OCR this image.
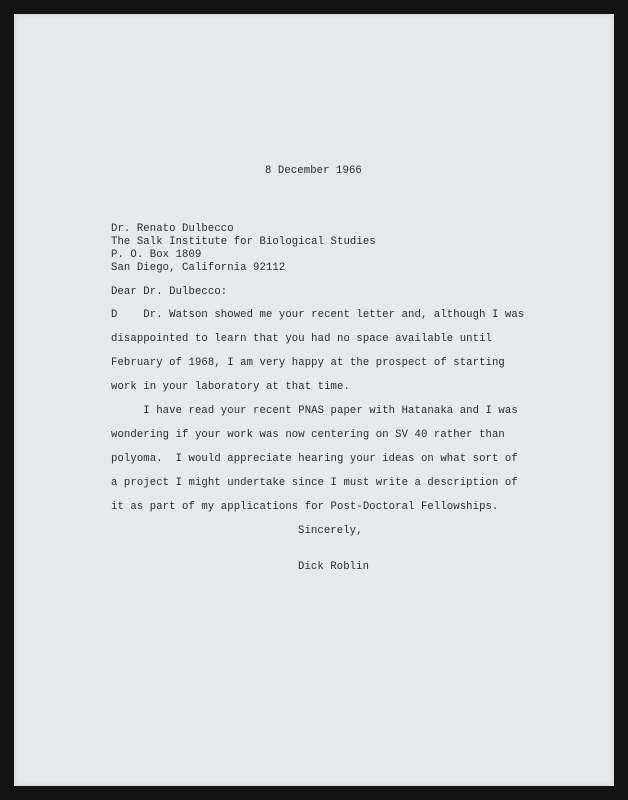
8 December 1966
Dr. Renato Dulbecco
The Salk Institute for Biological Studies
P. O. Box 1809
San Diego, California 92112
Dear Dr. Dulbecco:
D    Dr. Watson showed me your recent letter and, although I was
disappointed to learn that you had no space available until
February of 1968, I am very happy at the prospect of starting
work in your laboratory at that time.
I have read your recent PNAS paper with Hatanaka and I was
wondering if your work was now centering on SV 40 rather than
polyoma.  I would appreciate hearing your ideas on what sort of
a project I might undertake since I must write a description of
it as part of my applications for Post-Doctoral Fellowships.
Sincerely,
Dick Roblin
